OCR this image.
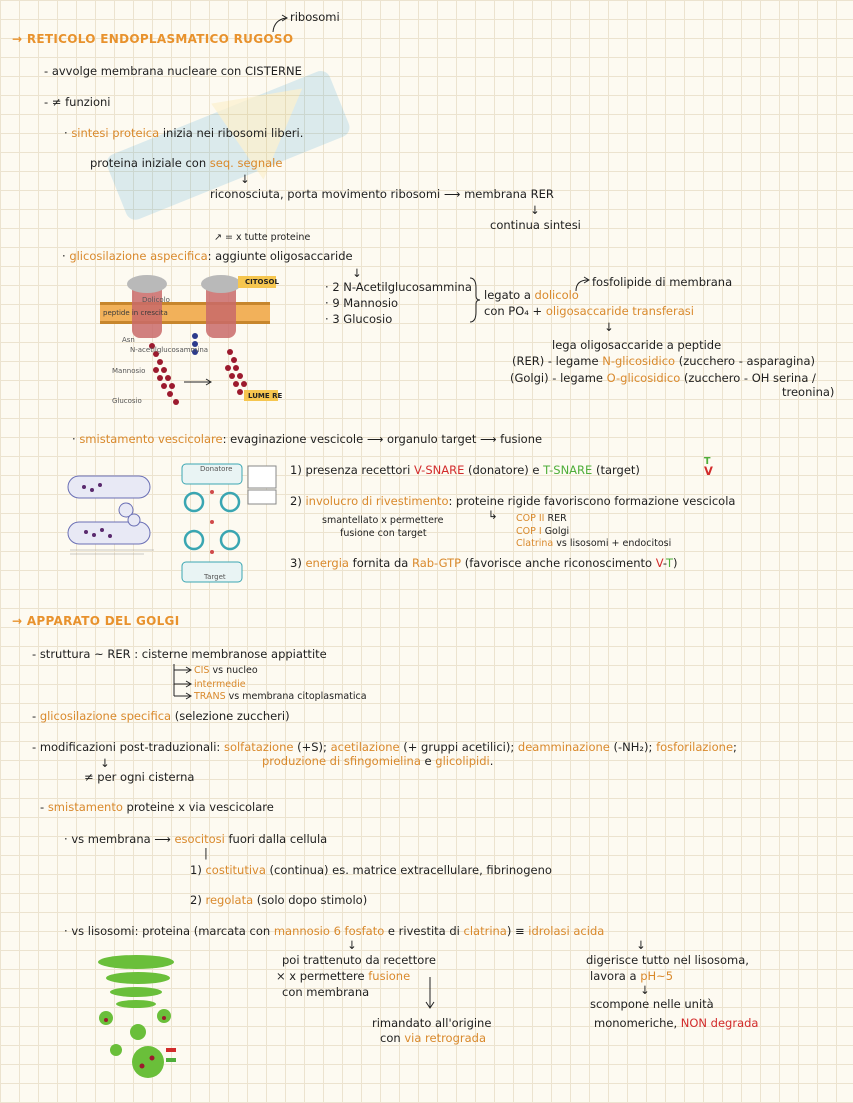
→ RETICOLO ENDOPLASMATICO RUGOSO
ribosomi
- avvolge membrana nucleare con CISTERNE
- ≠ funzioni
· sintesi proteica inizia nei ribosomi liberi.
proteina iniziale con seq. segnale
↓
riconosciuta, porta movimento ribosomi ⟶ membrana RER
↓
continua sintesi
↗ = x tutte proteine
· glicosilazione aspecifica: aggiunte oligosaccaride
CITOSOL
LUME RE
Dolicolo
peptide in crescita
Asn
Mannosio
Glucosio
N-acetilglucosammina
↓
· 2 N-Acetilglucosammina
· 9 Mannosio
· 3 Glucosio
fosfolipide di membrana
legato a dolicolo
con PO₄ + oligosaccaride transferasi
↓
lega oligosaccaride a peptide
(RER) - legame N-glicosidico (zucchero - asparagina)
(Golgi) - legame O-glicosidico (zucchero - OH serina /
treonina)
· smistamento vescicolare: evaginazione vescicole ⟶ organulo target ⟶ fusione
Donatore
Target
1) presenza recettori V-SNARE (donatore) e T-SNARE (target)
T
V
2) involucro di rivestimento: proteine rigide favoriscono formazione vescicola
smantellato x permettere
fusione con target
↳ COP II RER
COP I Golgi
Clatrina vs lisosomi + endocitosi
3) energia fornita da Rab-GTP (favorisce anche riconoscimento V-T)
→ APPARATO DEL GOLGI
- struttura ~ RER : cisterne membranose appiattite
CIS vs nucleo
intermedie
TRANS vs membrana citoplasmatica
- glicosilazione specifica (selezione zuccheri)
- modificazioni post-traduzionali: solfatazione (+S); acetilazione (+ gruppi acetilici); deamminazione (-NH₂); fosforilazione;
produzione di sfingomielina e glicolipidi.
↓
≠ per ogni cisterna
- smistamento proteine x via vescicolare
· vs membrana ⟶ esocitosi fuori dalla cellula
|
1) costitutiva (continua) es. matrice extracellulare, fibrinogeno
2) regolata (solo dopo stimolo)
· vs lisosomi: proteina (marcata con mannosio 6 fosfato e rivestita di clatrina) ≡ idrolasi acida
↓
poi trattenuto da recettore
× x permettere fusione
con membrana
rimandato all'origine
con via retrograda
↓
digerisce tutto nel lisosoma,
lavora a pH~5
↓
scompone nelle unità
monomeriche, NON degrada
